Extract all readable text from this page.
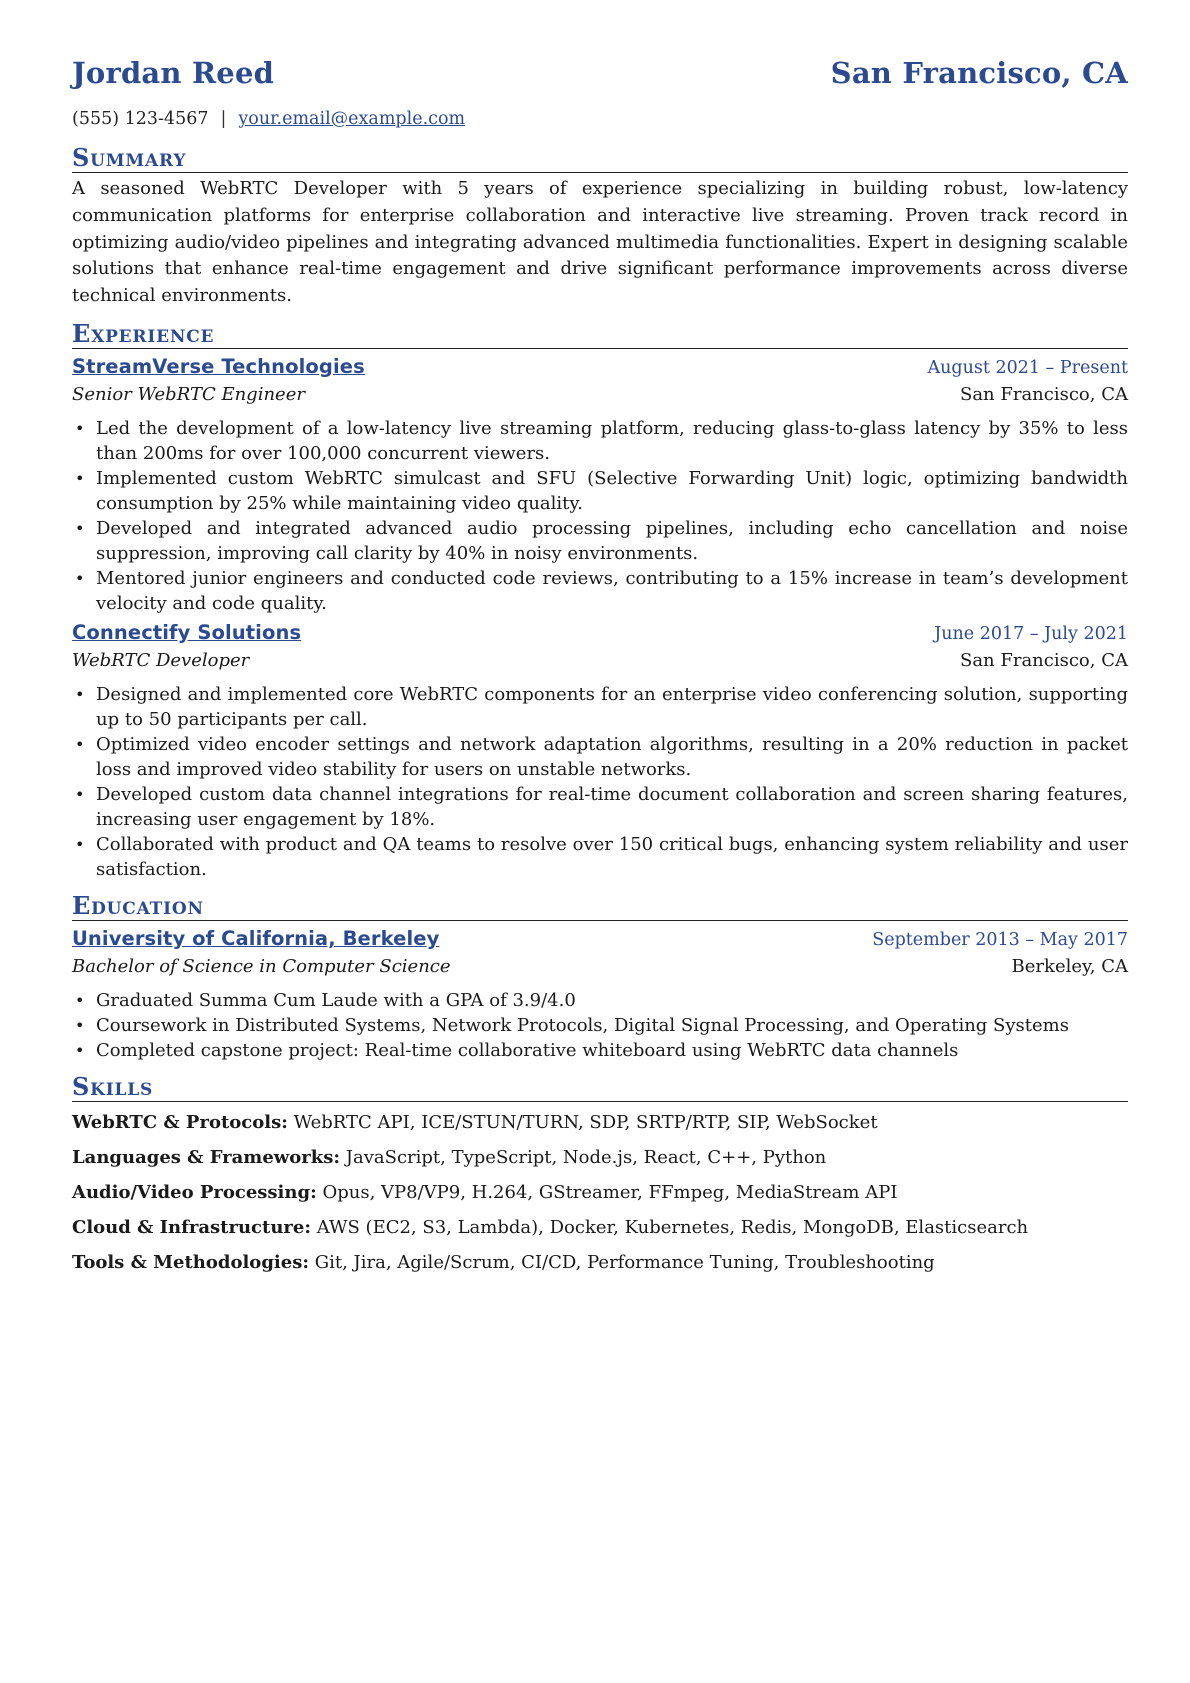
Jordan Reed	San Francisco, CA
(555) 123-4567 | your.email@example.com
Summary
A seasoned WebRTC Developer with 5 years of experience specializing in building robust, low-latency communication platforms for enterprise collaboration and interactive live streaming. Proven track record in optimizing audio/video pipelines and integrating advanced multimedia functionalities. Expert in designing scalable solutions that enhance real-time engagement and drive significant performance improvements across diverse technical environments.
Experience
StreamVerse Technologies	August 2021 – Present
Senior WebRTC Engineer	San Francisco, CA
• Led the development of a low-latency live streaming platform, reducing glass-to-glass latency by 35% to less than 200ms for over 100,000 concurrent viewers.
• Implemented custom WebRTC simulcast and SFU (Selective Forwarding Unit) logic, optimizing bandwidth consumption by 25% while maintaining video quality.
• Developed and integrated advanced audio processing pipelines, including echo cancellation and noise suppression, improving call clarity by 40% in noisy environments.
• Mentored junior engineers and conducted code reviews, contributing to a 15% increase in team’s development velocity and code quality.
Connectify Solutions	June 2017 – July 2021
WebRTC Developer	San Francisco, CA
• Designed and implemented core WebRTC components for an enterprise video conferencing solution, supporting up to 50 participants per call.
• Optimized video encoder settings and network adaptation algorithms, resulting in a 20% reduction in packet loss and improved video stability for users on unstable networks.
• Developed custom data channel integrations for real-time document collaboration and screen sharing features, increasing user engagement by 18%.
• Collaborated with product and QA teams to resolve over 150 critical bugs, enhancing system reliability and user satisfaction.
Education
University of California, Berkeley	September 2013 – May 2017
Bachelor of Science in Computer Science	Berkeley, CA
• Graduated Summa Cum Laude with a GPA of 3.9/4.0
• Coursework in Distributed Systems, Network Protocols, Digital Signal Processing, and Operating Systems
• Completed capstone project: Real-time collaborative whiteboard using WebRTC data channels
Skills
WebRTC & Protocols: WebRTC API, ICE/STUN/TURN, SDP, SRTP/RTP, SIP, WebSocket
Languages & Frameworks: JavaScript, TypeScript, Node.js, React, C++, Python
Audio/Video Processing: Opus, VP8/VP9, H.264, GStreamer, FFmpeg, MediaStream API
Cloud & Infrastructure: AWS (EC2, S3, Lambda), Docker, Kubernetes, Redis, MongoDB, Elasticsearch
Tools & Methodologies: Git, Jira, Agile/Scrum, CI/CD, Performance Tuning, Troubleshooting
